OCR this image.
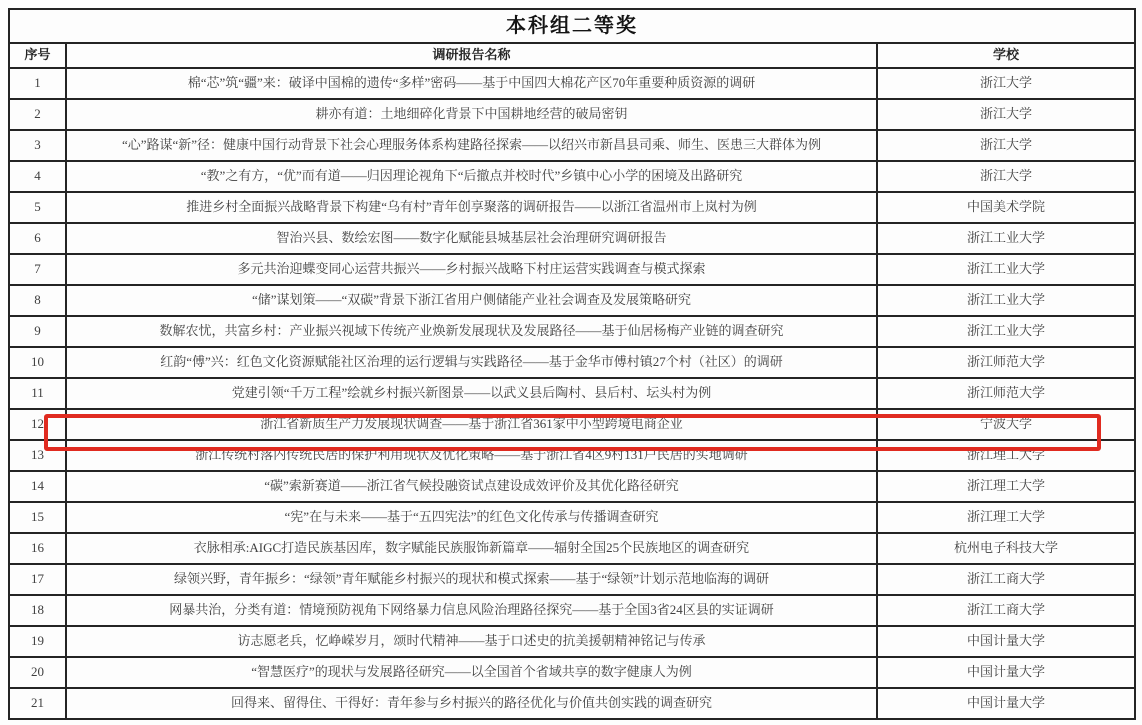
本科组二等奖		
序号	调研报告名称	学校
1	棉“芯”筑“疆”来：破译中国棉的遗传“多样”密码——基于中国四大棉花产区70年重要种质资源的调研	浙江大学
2	耕亦有道：土地细碎化背景下中国耕地经营的破局密钥	浙江大学
3	“心”路谋“新”径：健康中国行动背景下社会心理服务体系构建路径探索——以绍兴市新昌县司乘、师生、医患三大群体为例	浙江大学
4	“教”之有方，“优”而有道——归因理论视角下“后撤点并校时代”乡镇中心小学的困境及出路研究	浙江大学
5	推进乡村全面振兴战略背景下构建“乌有村”青年创享聚落的调研报告——以浙江省温州市上岚村为例	中国美术学院
6	智治兴县、数绘宏图——数字化赋能县城基层社会治理研究调研报告	浙江工业大学
7	多元共治迎蝶变同心运营共振兴——乡村振兴战略下村庄运营实践调查与模式探索	浙江工业大学
8	“储”谋划策——“双碳”背景下浙江省用户侧储能产业社会调查及发展策略研究	浙江工业大学
9	数解农忧，共富乡村：产业振兴视域下传统产业焕新发展现状及发展路径——基于仙居杨梅产业链的调查研究	浙江工业大学
10	红韵“傅”兴：红色文化资源赋能社区治理的运行逻辑与实践路径——基于金华市傅村镇27个村（社区）的调研	浙江师范大学
11	党建引领“千万工程”绘就乡村振兴新图景——以武义县后陶村、县后村、坛头村为例	浙江师范大学
12	浙江省新质生产力发展现状调查——基于浙江省361家中小型跨境电商企业	宁波大学
13	浙江传统村落内传统民居的保护利用现状及优化策略——基于浙江省4区9村131户民居的实地调研	浙江理工大学
14	“碳”索新赛道——浙江省气候投融资试点建设成效评价及其优化路径研究	浙江理工大学
15	“宪”在与未来——基于“五四宪法”的红色文化传承与传播调查研究	浙江理工大学
16	衣脉相承:AIGC打造民族基因库，数字赋能民族服饰新篇章——辐射全国25个民族地区的调查研究	杭州电子科技大学
17	绿领兴野，青年振乡：“绿领”青年赋能乡村振兴的现状和模式探索——基于“绿领”计划示范地临海的调研	浙江工商大学
18	网暴共治，分类有道：情境预防视角下网络暴力信息风险治理路径探究——基于全国3省24区县的实证调研	浙江工商大学
19	访志愿老兵，忆峥嵘岁月，颂时代精神——基于口述史的抗美援朝精神铭记与传承	中国计量大学
20	“智慧医疗”的现状与发展路径研究——以全国首个省域共享的数字健康人为例	中国计量大学
21	回得来、留得住、干得好：青年参与乡村振兴的路径优化与价值共创实践的调查研究	中国计量大学
